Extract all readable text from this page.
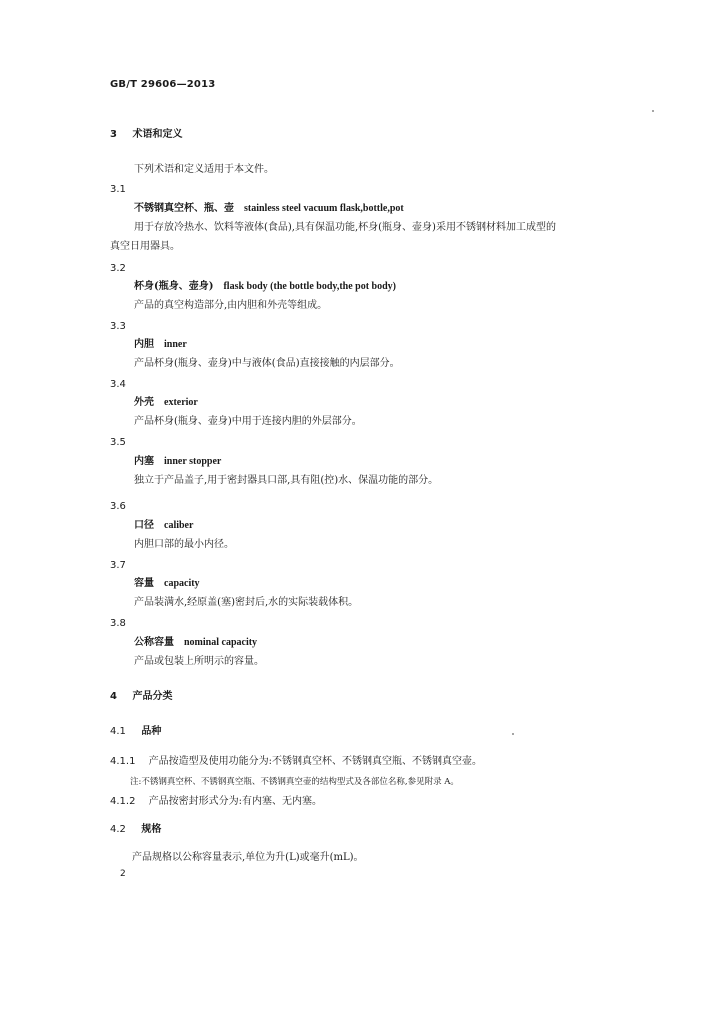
GB/T 29606—2013
3 术语和定义
下列术语和定义适用于本文件。
3.1
不锈钢真空杯、瓶、壶 stainless steel vacuum flask,bottle,pot
用于存放冷热水、饮料等液体(食品),具有保温功能,杯身(瓶身、壶身)采用不锈钢材料加工成型的
真空日用器具。
3.2
杯身(瓶身、壶身) flask body (the bottle body,the pot body)
产品的真空构造部分,由内胆和外壳等组成。
3.3
内胆 inner
产品杯身(瓶身、壶身)中与液体(食品)直接接触的内层部分。
3.4
外壳 exterior
产品杯身(瓶身、壶身)中用于连接内胆的外层部分。
3.5
内塞 inner stopper
独立于产品盖子,用于密封器具口部,具有阻(控)水、保温功能的部分。
3.6
口径 caliber
内胆口部的最小内径。
3.7
容量 capacity
产品装满水,经原盖(塞)密封后,水的实际装载体积。
3.8
公称容量 nominal capacity
产品或包装上所明示的容量。
4 产品分类
4.1 品种
4.1.1 产品按造型及使用功能分为:不锈钢真空杯、不锈钢真空瓶、不锈钢真空壶。
注:不锈钢真空杯、不锈钢真空瓶、不锈钢真空壶的结构型式及各部位名称,参见附录 A。
4.1.2 产品按密封形式分为:有内塞、无内塞。
4.2 规格
产品规格以公称容量表示,单位为升(L)或毫升(mL)。
2
